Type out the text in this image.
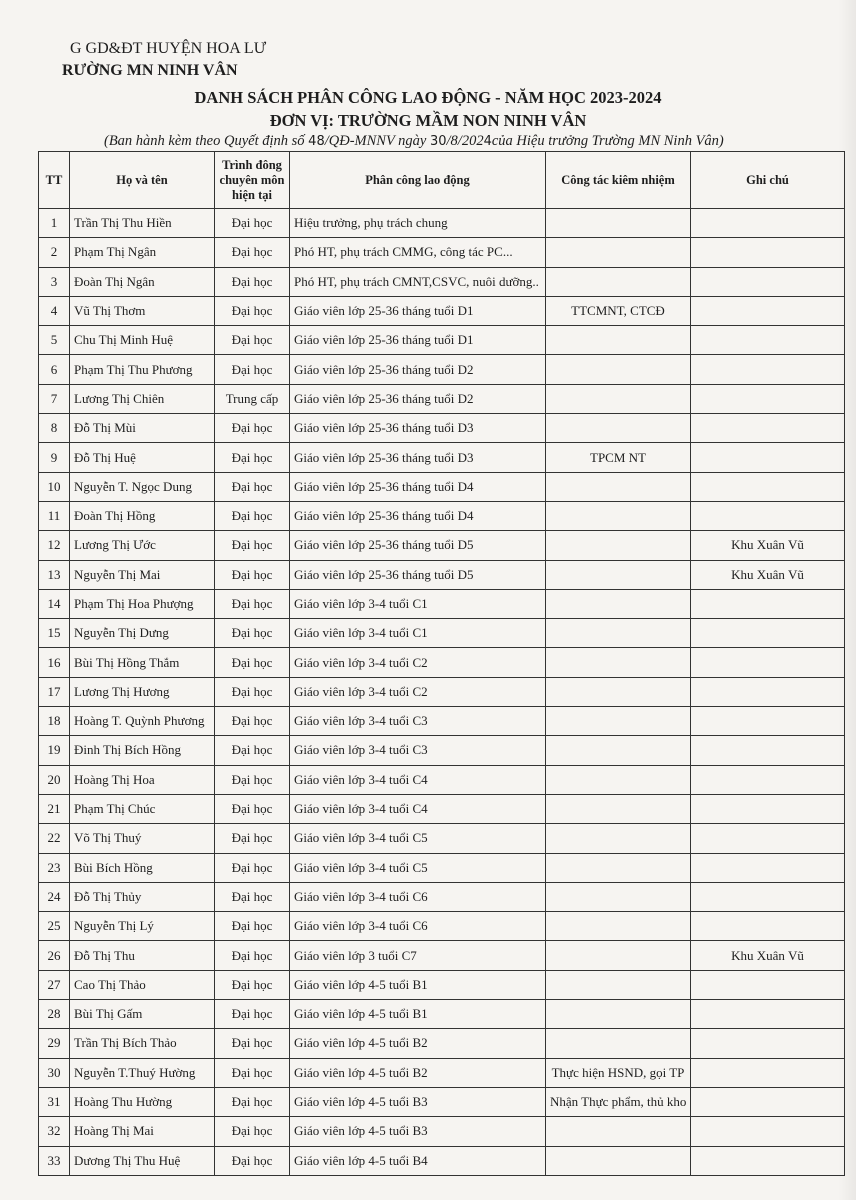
G GD&ĐT HUYỆN HOA LƯ
RƯỜNG MN NINH VÂN
DANH SÁCH PHÂN CÔNG LAO ĐỘNG - NĂM HỌC 2023-2024
ĐƠN VỊ: TRƯỜNG MẦM NON NINH VÂN
(Ban hành kèm theo Quyết định số 48/QĐ-MNNV ngày 30/8/2024của Hiệu trưởng Trường MN Ninh Vân)
TT	Họ và tên	Trình đông chuyên môn hiện tại	Phân công lao động	Công tác kiêm nhiệm	Ghi chú
1	Trần Thị Thu Hiền	Đại học	Hiệu trưởng, phụ trách chung		
2	Phạm Thị Ngân	Đại học	Phó HT, phụ trách CMMG, công tác PC...		
3	Đoàn Thị Ngân	Đại học	Phó HT, phụ trách CMNT,CSVC, nuôi dưỡng..		
4	Vũ Thị Thơm	Đại học	Giáo viên lớp 25-36 tháng tuổi D1	TTCMNT, CTCĐ	
5	Chu Thị Minh Huệ	Đại học	Giáo viên lớp 25-36 tháng tuổi D1		
6	Phạm Thị Thu Phương	Đại học	Giáo viên lớp 25-36 tháng tuổi D2		
7	Lương Thị Chiên	Trung cấp	Giáo viên lớp 25-36 tháng tuổi D2		
8	Đỗ Thị Mùi	Đại học	Giáo viên lớp 25-36 tháng tuổi D3		
9	Đỗ Thị Huệ	Đại học	Giáo viên lớp 25-36 tháng tuổi D3	TPCM NT	
10	Nguyễn T. Ngọc Dung	Đại học	Giáo viên lớp 25-36 tháng tuổi D4		
11	Đoàn Thị Hồng	Đại học	Giáo viên lớp 25-36 tháng tuổi D4		
12	Lương Thị Ước	Đại học	Giáo viên lớp 25-36 tháng tuổi D5		Khu Xuân Vũ
13	Nguyễn Thị Mai	Đại học	Giáo viên lớp 25-36 tháng tuổi D5		Khu Xuân Vũ
14	Phạm Thị Hoa Phượng	Đại học	Giáo viên lớp 3-4 tuổi C1		
15	Nguyễn Thị Dưng	Đại học	Giáo viên lớp 3-4 tuổi C1		
16	Bùi Thị Hồng Thắm	Đại học	Giáo viên lớp 3-4 tuổi C2		
17	Lương Thị Hương	Đại học	Giáo viên lớp 3-4 tuổi C2		
18	Hoàng T. Quỳnh Phương	Đại học	Giáo viên lớp 3-4 tuổi C3		
19	Đinh Thị Bích Hồng	Đại học	Giáo viên lớp 3-4 tuổi C3		
20	Hoàng Thị Hoa	Đại học	Giáo viên lớp 3-4 tuổi C4		
21	Phạm Thị Chúc	Đại học	Giáo viên lớp 3-4 tuổi C4		
22	Võ Thị Thuý	Đại học	Giáo viên lớp 3-4 tuổi C5		
23	Bùi Bích Hồng	Đại học	Giáo viên lớp 3-4 tuổi C5		
24	Đỗ Thị Thủy	Đại học	Giáo viên lớp 3-4 tuổi C6		
25	Nguyễn Thị Lý	Đại học	Giáo viên lớp 3-4 tuổi C6		
26	Đỗ Thị Thu	Đại học	Giáo viên lớp 3 tuổi C7		Khu Xuân Vũ
27	Cao Thị Thảo	Đại học	Giáo viên lớp 4-5 tuổi B1		
28	Bùi Thị Gấm	Đại học	Giáo viên lớp 4-5 tuổi B1		
29	Trần Thị Bích Thảo	Đại học	Giáo viên lớp 4-5 tuổi B2		
30	Nguyễn T.Thuý Hường	Đại học	Giáo viên lớp 4-5 tuổi B2	Thực hiện HSND, gọi TP	
31	Hoàng Thu Hường	Đại học	Giáo viên lớp 4-5 tuổi B3	Nhận Thực phẩm, thủ kho	
32	Hoàng Thị Mai	Đại học	Giáo viên lớp 4-5 tuổi B3		
33	Dương Thị Thu Huệ	Đại học	Giáo viên lớp 4-5 tuổi B4		
